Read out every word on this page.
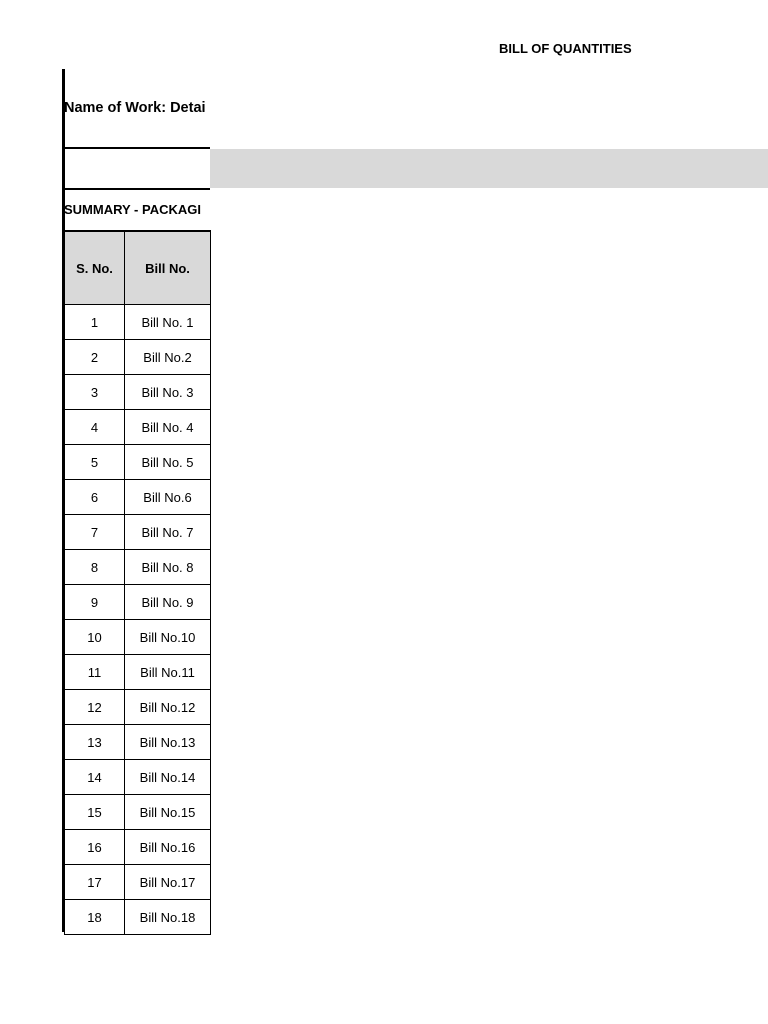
BILL OF QUANTITIES
Name of Work: Detai
SUMMARY - PACKAGI
S. No.	Bill No.
1	Bill No. 1
2	Bill No.2
3	Bill No. 3
4	Bill No. 4
5	Bill No. 5
6	Bill No.6
7	Bill No. 7
8	Bill No. 8
9	Bill No. 9
10	Bill No.10
11	Bill No.11
12	Bill No.12
13	Bill No.13
14	Bill No.14
15	Bill No.15
16	Bill No.16
17	Bill No.17
18	Bill No.18
